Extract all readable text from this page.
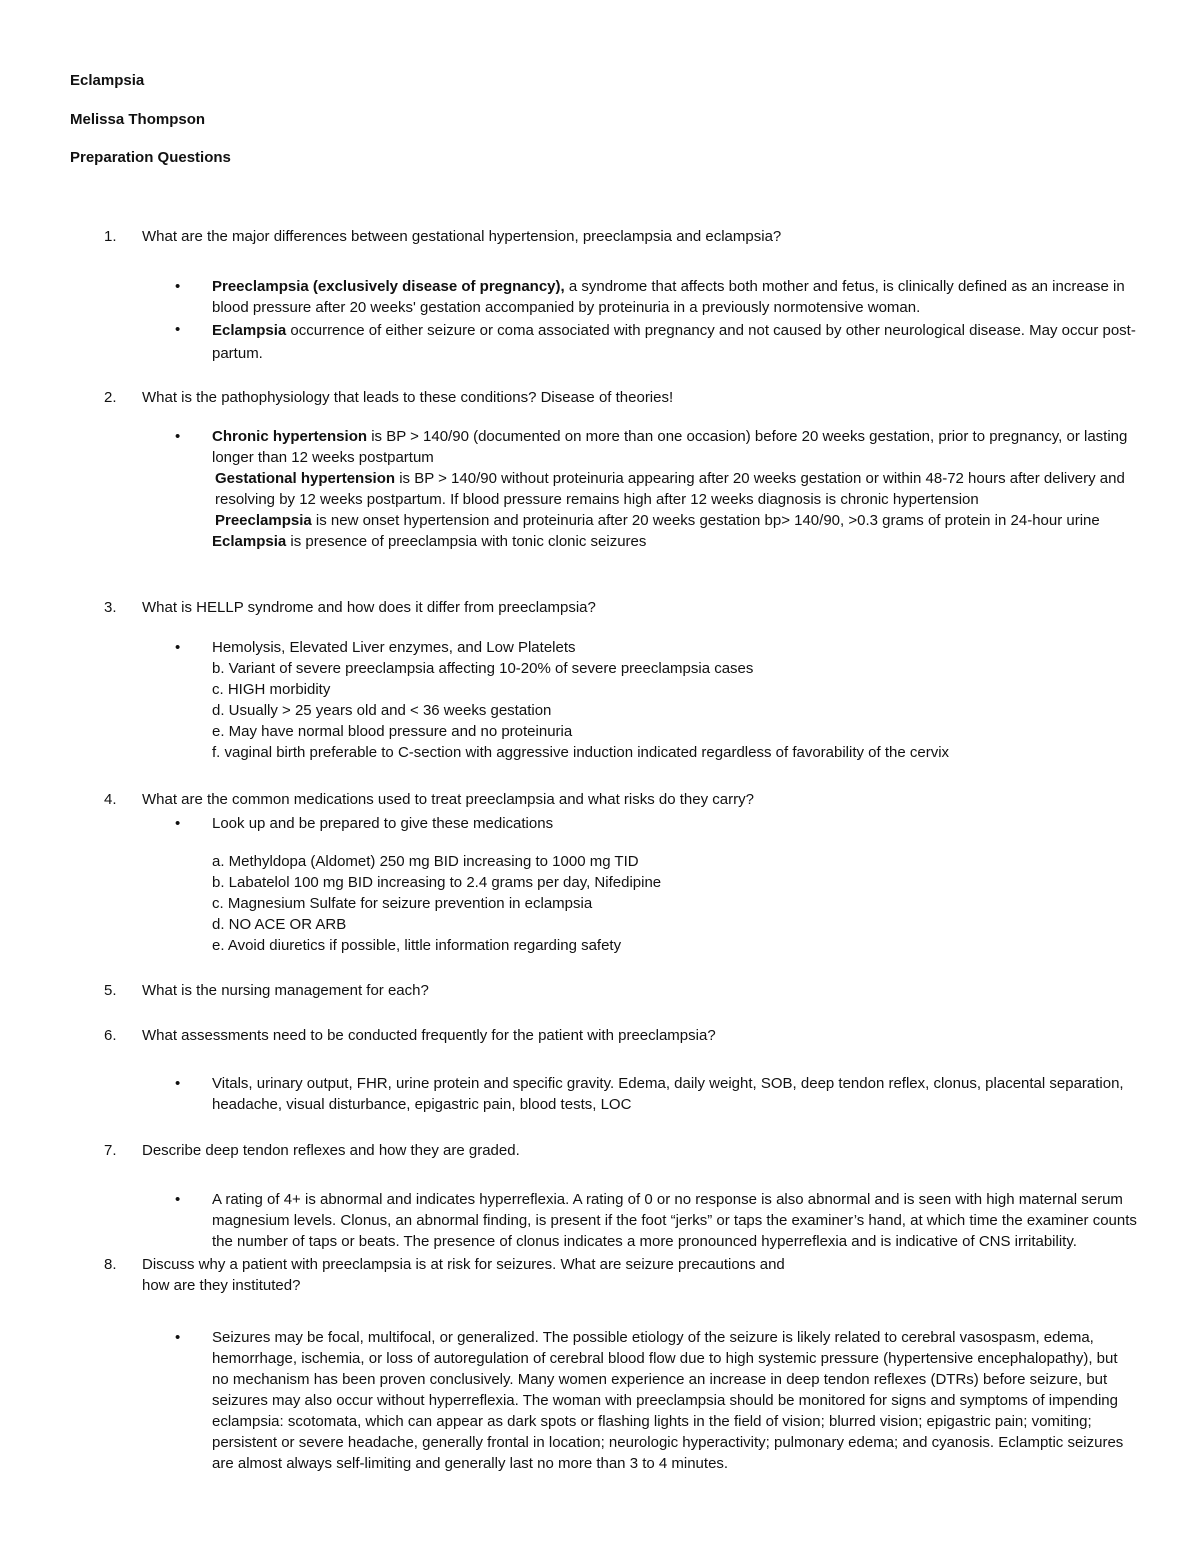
Eclampsia
Melissa Thompson
Preparation Questions
1.	What are the major differences between gestational hypertension, preeclampsia and eclampsia?
•	Preeclampsia (exclusively disease of pregnancy), a syndrome that affects both mother and fetus, is clinically defined as an increase in blood pressure after 20 weeks' gestation accompanied by proteinuria in a previously normotensive woman.
•	Eclampsia occurrence of either seizure or coma associated with pregnancy and not caused by other neurological disease. May occur post-partum.
2.	What is the pathophysiology that leads to these conditions? Disease of theories!
•	Chronic hypertension is BP > 140/90 (documented on more than one occasion) before 20 weeks gestation, prior to pregnancy, or lasting longer than 12 weeks postpartum
Gestational hypertension is BP > 140/90 without proteinuria appearing after 20 weeks gestation or within 48-72 hours after delivery and resolving by 12 weeks postpartum. If blood pressure remains high after 12 weeks diagnosis is chronic hypertension
Preeclampsia is new onset hypertension and proteinuria after 20 weeks gestation bp> 140/90, >0.3 grams of protein in 24-hour urine
Eclampsia is presence of preeclampsia with tonic clonic seizures
3.	What is HELLP syndrome and how does it differ from preeclampsia?
•	Hemolysis, Elevated Liver enzymes, and Low Platelets
b. Variant of severe preeclampsia affecting 10-20% of severe preeclampsia cases
c. HIGH morbidity
d. Usually > 25 years old and < 36 weeks gestation
e. May have normal blood pressure and no proteinuria
f. vaginal birth preferable to C-section with aggressive induction indicated regardless of favorability of the cervix
4.	What are the common medications used to treat preeclampsia and what risks do they carry?
•	Look up and be prepared to give these medications
a. Methyldopa (Aldomet) 250 mg BID increasing to 1000 mg TID
b. Labatelol 100 mg BID increasing to 2.4 grams per day, Nifedipine
c. Magnesium Sulfate for seizure prevention in eclampsia
d. NO ACE OR ARB
e. Avoid diuretics if possible, little information regarding safety
5.	What is the nursing management for each?
6.	What assessments need to be conducted frequently for the patient with preeclampsia?
•	Vitals, urinary output, FHR, urine protein and specific gravity. Edema, daily weight, SOB, deep tendon reflex, clonus, placental separation, headache, visual disturbance, epigastric pain, blood tests, LOC
7.	Describe deep tendon reflexes and how they are graded.
•	A rating of 4+ is abnormal and indicates hyperreflexia. A rating of 0 or no response is also abnormal and is seen with high maternal serum magnesium levels. Clonus, an abnormal finding, is present if the foot “jerks” or taps the examiner’s hand, at which time the examiner counts the number of taps or beats. The presence of clonus indicates a more pronounced hyperreflexia and is indicative of CNS irritability.
8.	Discuss why a patient with preeclampsia is at risk for seizures. What are seizure precautions and
how are they instituted?
•	Seizures may be focal, multifocal, or generalized. The possible etiology of the seizure is likely related to cerebral vasospasm, edema, hemorrhage, ischemia, or loss of autoregulation of cerebral blood flow due to high systemic pressure (hypertensive encephalopathy), but no mechanism has been proven conclusively. Many women experience an increase in deep tendon reflexes (DTRs) before seizure, but seizures may also occur without hyperreflexia. The woman with preeclampsia should be monitored for signs and symptoms of impending eclampsia: scotomata, which can appear as dark spots or flashing lights in the field of vision; blurred vision; epigastric pain; vomiting; persistent or severe headache, generally frontal in location; neurologic hyperactivity; pulmonary edema; and cyanosis. Eclamptic seizures are almost always self-limiting and generally last no more than 3 to 4 minutes.
